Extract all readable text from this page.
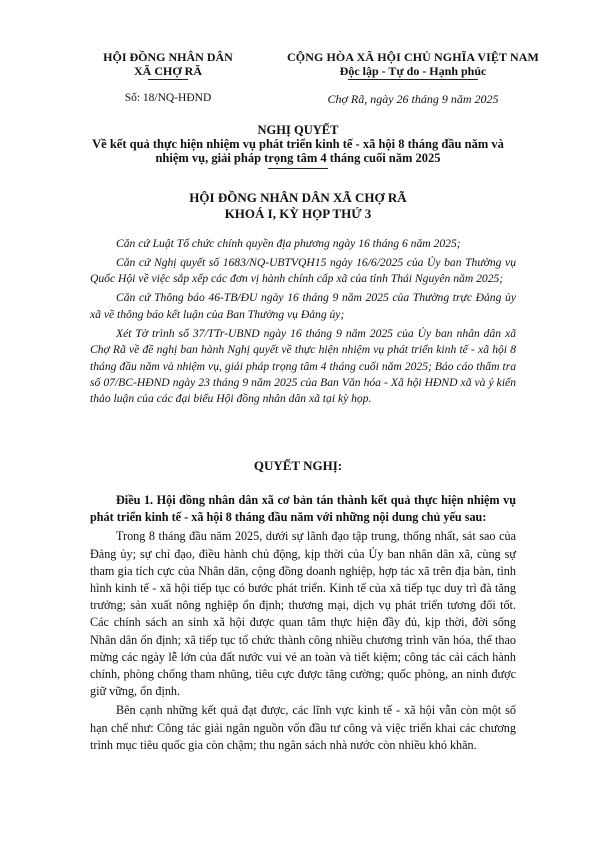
HỘI ĐỒNG NHÂN DÂN
XÃ CHỢ RÃ
CỘNG HÒA XÃ HỘI CHỦ NGHĨA VIỆT NAM
Độc lập - Tự do - Hạnh phúc
Số: 18/NQ-HĐND	Chợ Rã, ngày 26 tháng 9 năm 2025
NGHỊ QUYẾT
Về kết quả thực hiện nhiệm vụ phát triển kinh tế - xã hội 8 tháng đầu năm và
nhiệm vụ, giải pháp trọng tâm 4 tháng cuối năm 2025
HỘI ĐỒNG NHÂN DÂN XÃ CHỢ RÃ
KHOÁ I, KỲ HỌP THỨ 3

Căn cứ Luật Tổ chức chính quyền địa phương ngày 16 tháng 6 năm 2025;

Căn cứ Nghị quyết số 1683/NQ-UBTVQH15 ngày 16/6/2025 của Ủy ban Thường vụ Quốc Hội về việc sắp xếp các đơn vị hành chính cấp xã của tỉnh Thái Nguyên năm 2025;

Căn cứ Thông báo 46-TB/ĐU ngày 16 tháng 9 năm 2025 của Thường trực Đảng ủy xã về thông báo kết luận của Ban Thường vụ Đảng ủy;

Xét Tờ trình số 37/TTr-UBND ngày 16 tháng 9 năm 2025 của Ủy ban nhân dân xã Chợ Rã về đề nghị ban hành Nghị quyết về thực hiện nhiệm vụ phát triển kinh tế - xã hội 8 tháng đầu năm và nhiệm vụ, giải pháp trọng tâm 4 tháng cuối năm 2025; Báo cáo thẩm tra số 07/BC-HĐND ngày 23 tháng 9 năm 2025 của Ban Văn hóa - Xã hội HĐND xã và ý kiến thảo luận của các đại biểu Hội đồng nhân dân xã tại kỳ họp.

QUYẾT NGHỊ:

Điều 1. Hội đồng nhân dân xã cơ bản tán thành kết quả thực hiện nhiệm vụ phát triển kinh tế - xã hội 8 tháng đầu năm với những nội dung chủ yếu sau:

Trong 8 tháng đầu năm 2025, dưới sự lãnh đạo tập trung, thống nhất, sát sao của Đảng ủy; sự chỉ đạo, điều hành chủ động, kịp thời của Ủy ban nhân dân xã, cùng sự tham gia tích cực của Nhân dân, cộng đồng doanh nghiệp, hợp tác xã trên địa bàn, tình hình kinh tế - xã hội tiếp tục có bước phát triển. Kinh tế của xã tiếp tục duy trì đà tăng trưởng; sản xuất nông nghiệp ổn định; thương mại, dịch vụ phát triển tương đối tốt. Các chính sách an sinh xã hội được quan tâm thực hiện đầy đủ, kịp thời, đời sống Nhân dân ổn định; xã tiếp tục tổ chức thành công nhiều chương trình văn hóa, thể thao mừng các ngày lễ lớn của đất nước vui vẻ an toàn và tiết kiệm; công tác cải cách hành chính, phòng chống tham nhũng, tiêu cực được tăng cường; quốc phòng, an ninh được giữ vững, ổn định.

Bên cạnh những kết quả đạt được, các lĩnh vực kinh tế - xã hội vẫn còn một số hạn chế như: Công tác giải ngân nguồn vốn đầu tư công và việc triển khai các chương trình mục tiêu quốc gia còn chậm; thu ngân sách nhà nước còn nhiều khó khăn.
